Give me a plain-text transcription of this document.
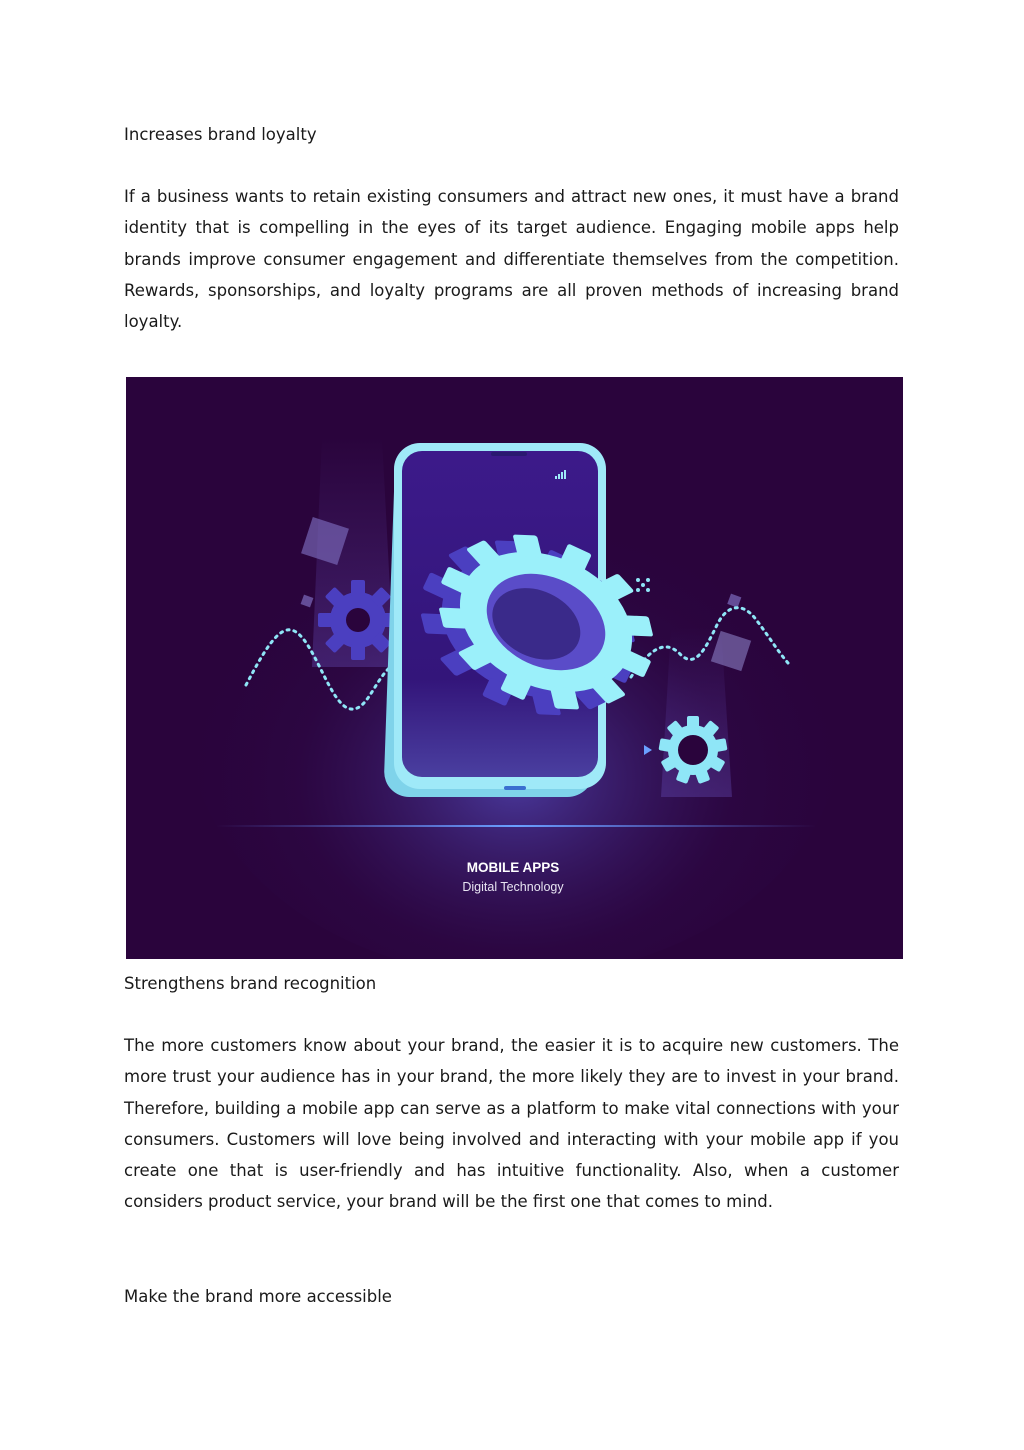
Increases brand loyalty

If a business wants to retain existing consumers and attract new ones, it must have a brand identity that is compelling in the eyes of its target audience. Engaging mobile apps help brands improve consumer engagement and differentiate themselves from the competition. Rewards, sponsorships, and loyalty programs are all proven methods of increasing brand loyalty.

MOBILE APPS
Digital Technology
Strengthens brand recognition

The more customers know about your brand, the easier it is to acquire new customers. The more trust your audience has in your brand, the more likely they are to invest in your brand. Therefore, building a mobile app can serve as a platform to make vital connections with your consumers. Customers will love being involved and interacting with your mobile app if you create one that is user-friendly and has intuitive functionality. Also, when a customer considers product service, your brand will be the first one that comes to mind.

Make the brand more accessible
